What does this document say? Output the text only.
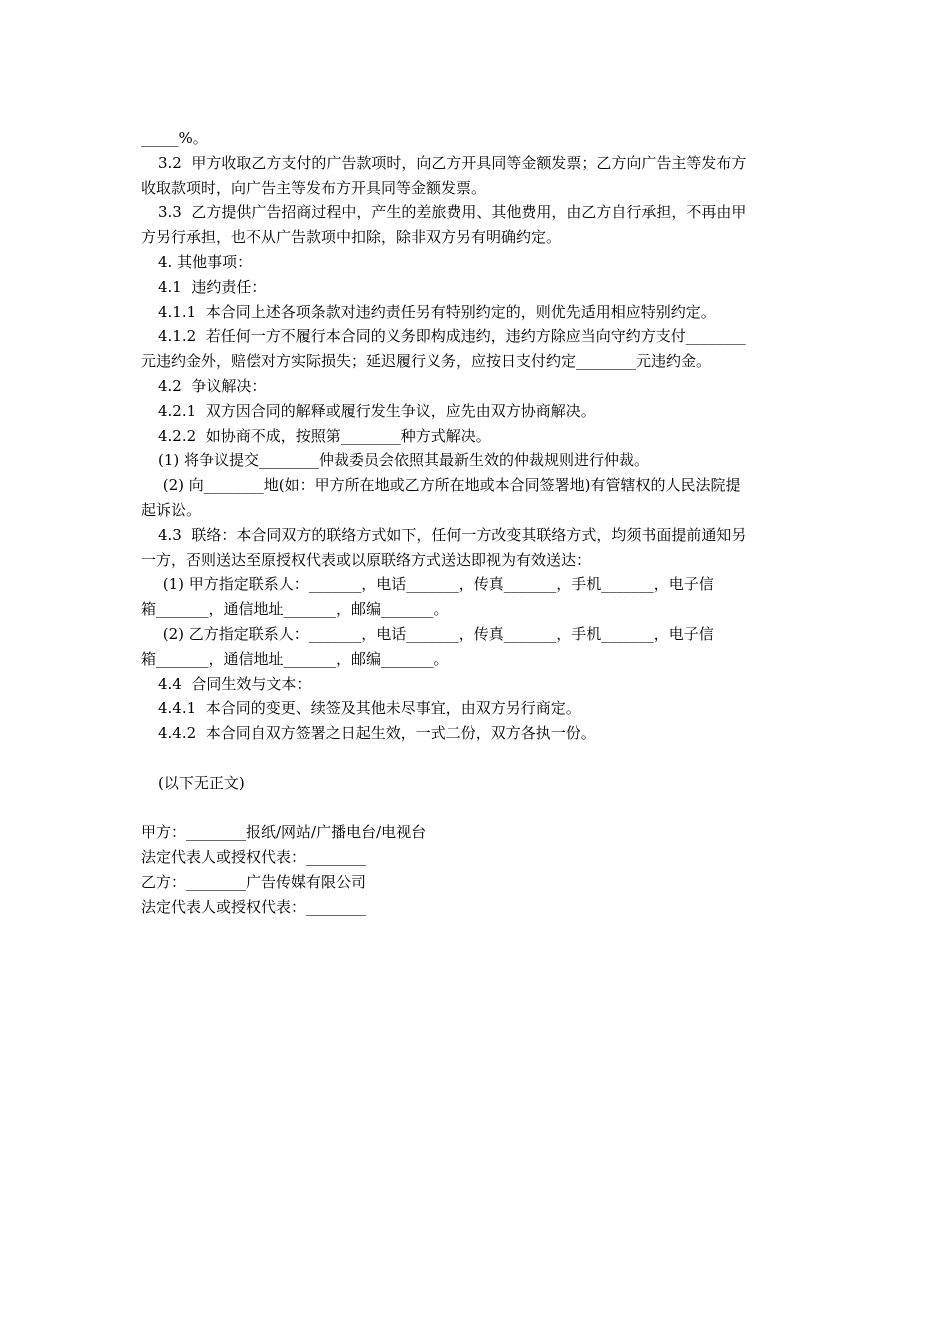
_____%。
3.2  甲方收取乙方支付的广告款项时，向乙方开具同等金额发票；乙方向广告主等发布方
收取款项时，向广告主等发布方开具同等金额发票。
3.3  乙方提供广告招商过程中，产生的差旅费用、其他费用，由乙方自行承担，不再由甲
方另行承担，也不从广告款项中扣除，除非双方另有明确约定。
4. 其他事项：
4.1  违约责任：
4.1.1  本合同上述各项条款对违约责任另有特别约定的，则优先适用相应特别约定。
4.1.2  若任何一方不履行本合同的义务即构成违约，违约方除应当向守约方支付________
元违约金外，赔偿对方实际损失；延迟履行义务，应按日支付约定________元违约金。
4.2  争议解决：
4.2.1  双方因合同的解释或履行发生争议，应先由双方协商解决。
4.2.2  如协商不成，按照第________种方式解决。
(1) 将争议提交________仲裁委员会依照其最新生效的仲裁规则进行仲裁。
(2) 向________地(如：甲方所在地或乙方所在地或本合同签署地)有管辖权的人民法院提
起诉讼。
4.3  联络：本合同双方的联络方式如下，任何一方改变其联络方式，均须书面提前通知另
一方，否则送达至原授权代表或以原联络方式送达即视为有效送达：
(1) 甲方指定联系人：_______，电话_______，传真_______，手机_______，电子信
箱_______，通信地址_______，邮编_______。
(2) 乙方指定联系人：_______，电话_______，传真_______，手机_______，电子信
箱_______，通信地址_______，邮编_______。
4.4  合同生效与文本：
4.4.1  本合同的变更、续签及其他未尽事宜，由双方另行商定。
4.4.2  本合同自双方签署之日起生效，一式二份，双方各执一份。
(以下无正文)
甲方：________报纸/网站/广播电台/电视台
法定代表人或授权代表：________
乙方：________广告传媒有限公司
法定代表人或授权代表：________
